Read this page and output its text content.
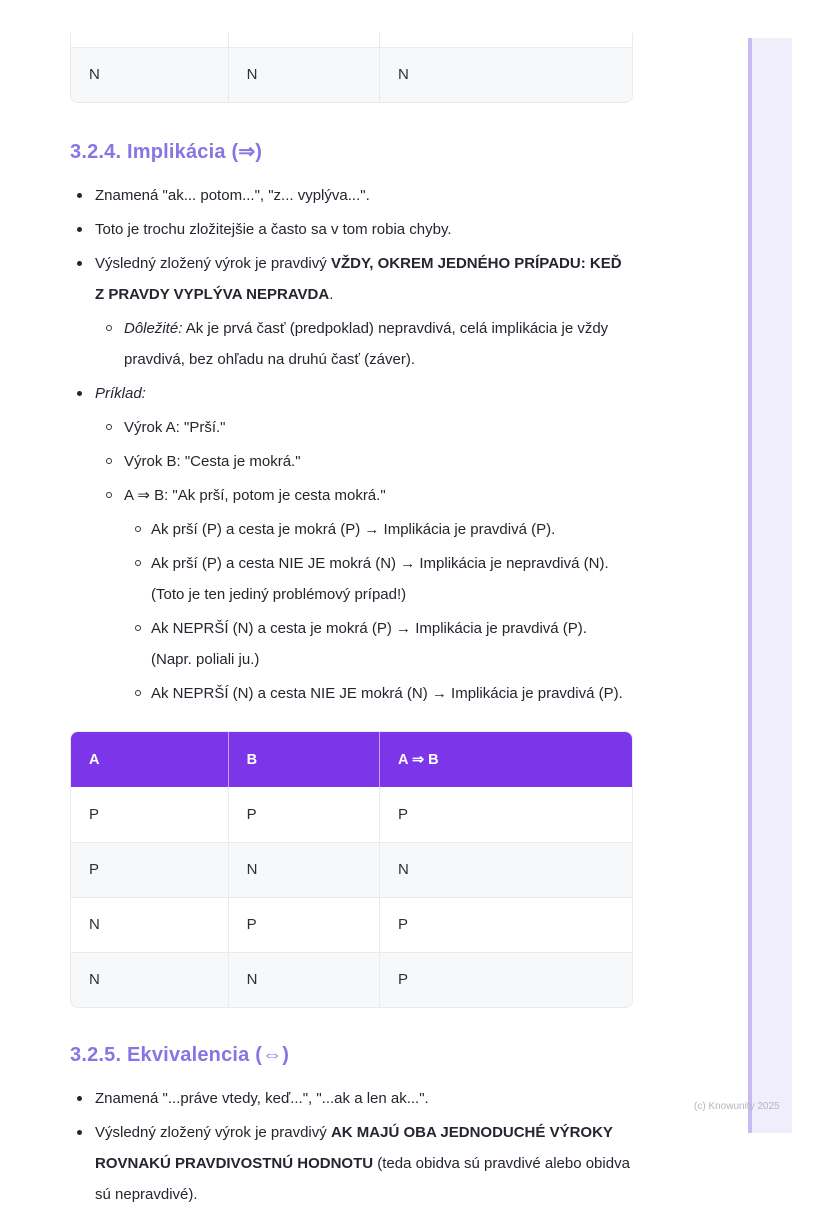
N	N	N
3.2.4. Implikácia (⇒)
Znamená "ak... potom...", "z... vyplýva...".
Toto je trochu zložitejšie a často sa v tom robia chyby.
Výsledný zložený výrok je pravdivý VŽDY, OKREM JEDNÉHO PRÍPADU: KEĎ Z PRAVDY VYPLÝVA NEPRAVDA.
Dôležité: Ak je prvá časť (predpoklad) nepravdivá, celá implikácia je vždy pravdivá, bez ohľadu na druhú časť (záver).
Príklad:
Výrok A: "Prší."
Výrok B: "Cesta je mokrá."
A ⇒ B: "Ak prší, potom je cesta mokrá."
Ak prší (P) a cesta je mokrá (P) → Implikácia je pravdivá (P).
Ak prší (P) a cesta NIE JE mokrá (N) → Implikácia je nepravdivá (N).
(Toto je ten jediný problémový prípad!)
Ak NEPRŠÍ (N) a cesta je mokrá (P) → Implikácia je pravdivá (P).
(Napr. poliali ju.)
Ak NEPRŠÍ (N) a cesta NIE JE mokrá (N) → Implikácia je pravdivá (P).
A	B	A ⇒ B
P	P	P
P	N	N
N	P	P
N	N	P
3.2.5. Ekvivalencia (⇔)
Znamená "...práve vtedy, keď...", "...ak a len ak...".
Výsledný zložený výrok je pravdivý AK MAJÚ OBA JEDNODUCHÉ VÝROKY ROVNAKÚ PRAVDIVOSTNÚ HODNOTU (teda obidva sú pravdivé alebo obidva sú nepravdivé).
(c) Knowunity 2025
